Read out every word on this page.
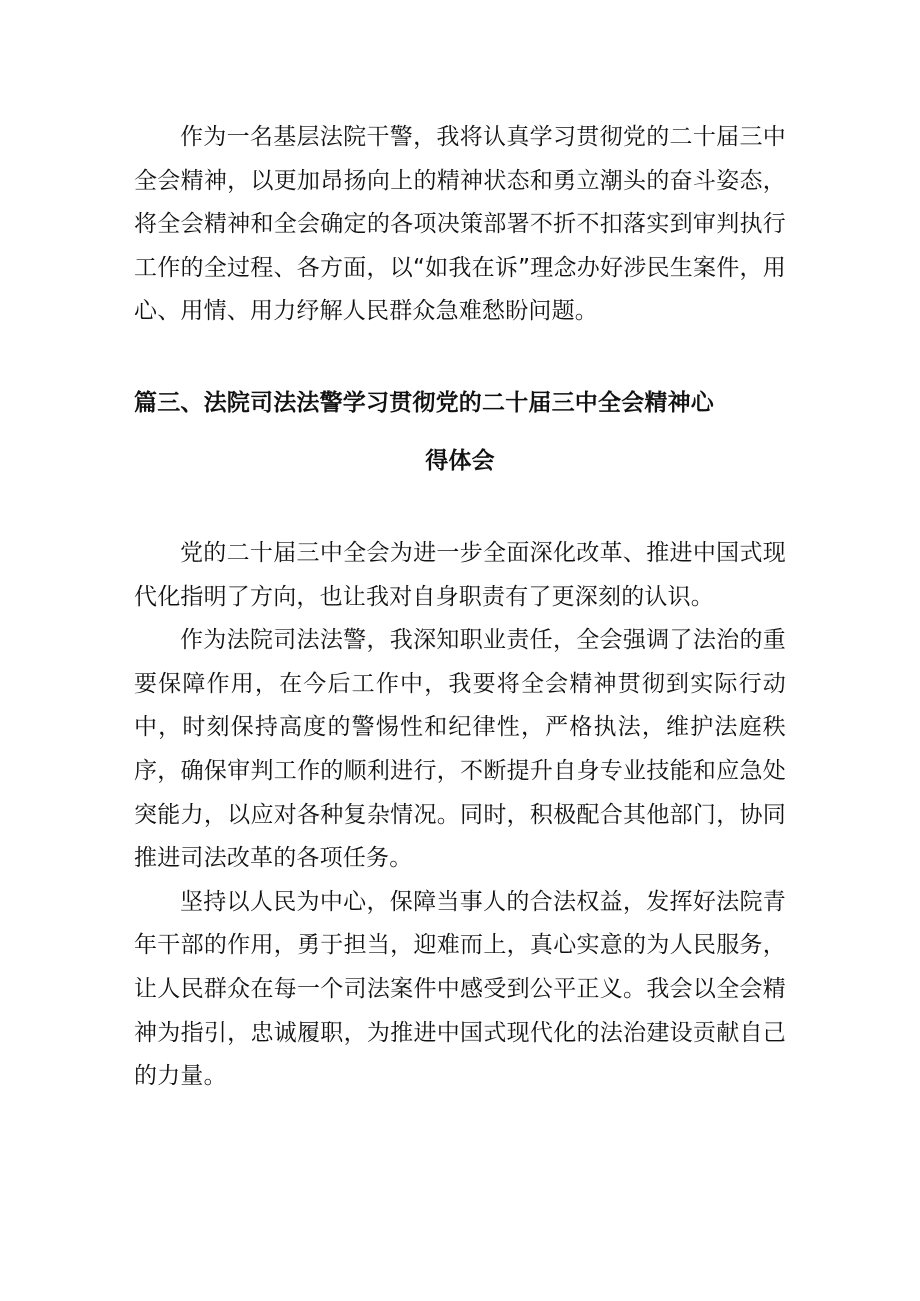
作为一名基层法院干警，我将认真学习贯彻党的二十届三中全会精神，以更加昂扬向上的精神状态和勇立潮头的奋斗姿态，将全会精神和全会确定的各项决策部署不折不扣落实到审判执行工作的全过程、各方面，以“如我在诉”理念办好涉民生案件，用心、用情、用力纾解人民群众急难愁盼问题。

篇三、法院司法法警学习贯彻党的二十届三中全会精神心

得体会

党的二十届三中全会为进一步全面深化改革、推进中国式现代化指明了方向，也让我对自身职责有了更深刻的认识。

作为法院司法法警，我深知职业责任，全会强调了法治的重要保障作用，在今后工作中，我要将全会精神贯彻到实际行动中，时刻保持高度的警惕性和纪律性，严格执法，维护法庭秩序，确保审判工作的顺利进行，不断提升自身专业技能和应急处突能力，以应对各种复杂情况。同时，积极配合其他部门，协同推进司法改革的各项任务。

坚持以人民为中心，保障当事人的合法权益，发挥好法院青年干部的作用，勇于担当，迎难而上，真心实意的为人民服务，让人民群众在每一个司法案件中感受到公平正义。我会以全会精神为指引，忠诚履职，为推进中国式现代化的法治建设贡献自己的力量。
